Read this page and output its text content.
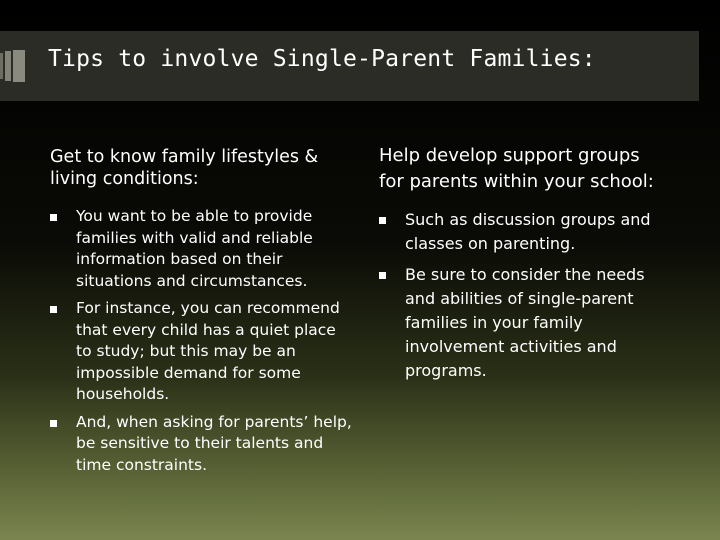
Tips to involve Single-Parent Families:

Get to know family lifestyles &
living conditions:

You want to be able to provide families with valid and reliable information based on their situations and circumstances.
For instance, you can recommend that every child has a quiet place to study; but this may be an impossible demand for some households.
And, when asking for parents’ help, be sensitive to their talents and time constraints.

Help develop support groups
for parents within your school:

Such as discussion groups and classes on parenting.
Be sure to consider the needs and abilities of single-parent families in your family involvement activities and programs.
